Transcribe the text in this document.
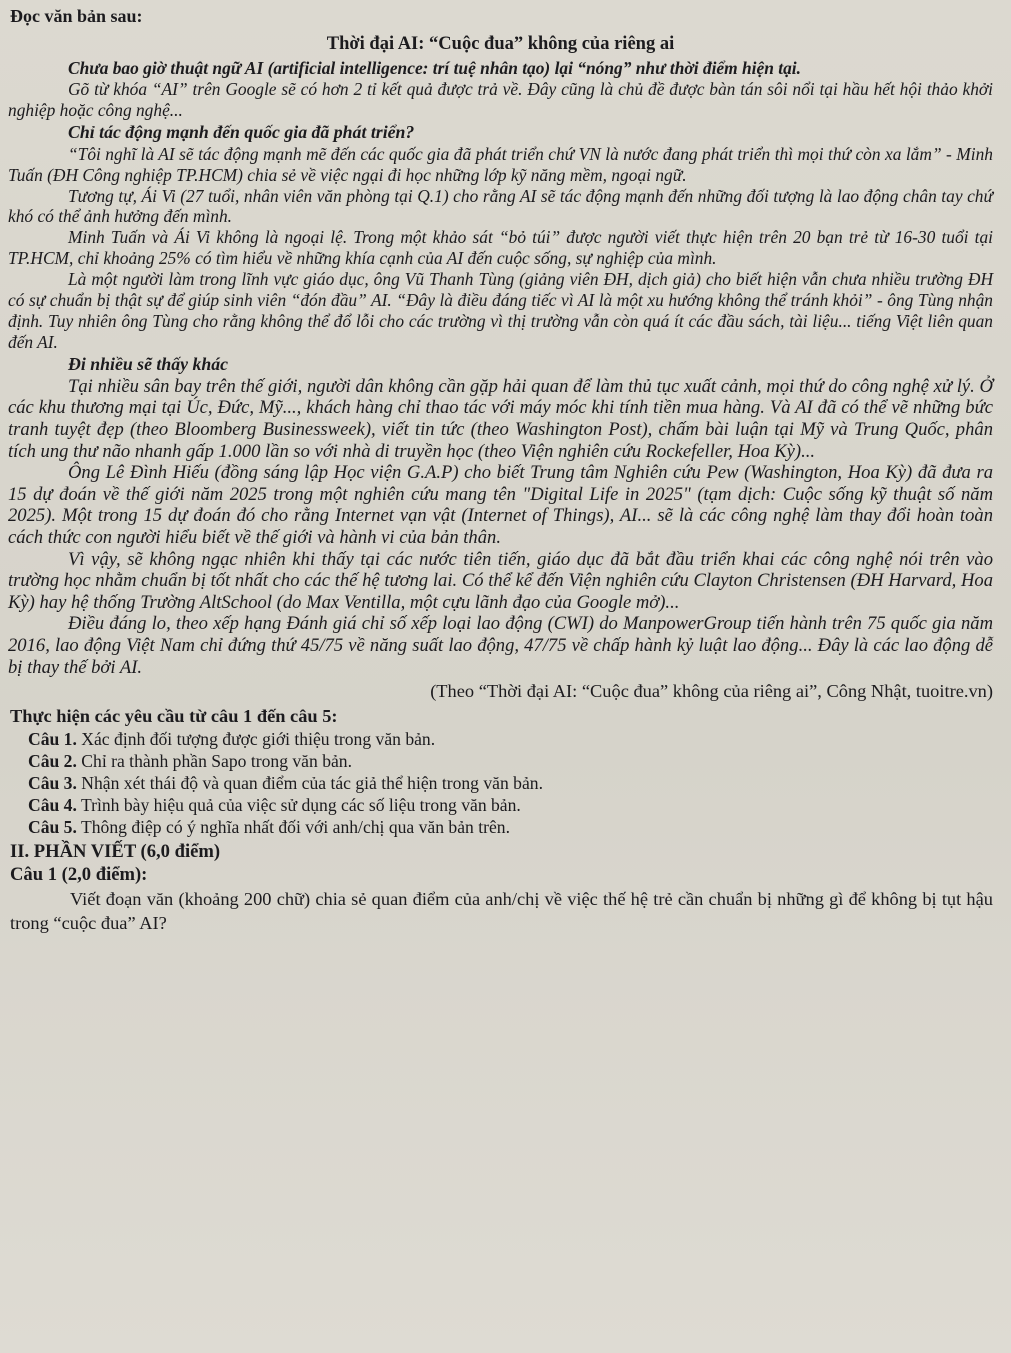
Đọc văn bản sau:
Thời đại AI: “Cuộc đua” không của riêng ai

Chưa bao giờ thuật ngữ AI (artificial intelligence: trí tuệ nhân tạo) lại “nóng” như thời điểm hiện tại.

Gõ từ khóa “AI” trên Google sẽ có hơn 2 tỉ kết quả được trả về. Đây cũng là chủ đề được bàn tán sôi nổi tại hầu hết hội thảo khởi nghiệp hoặc công nghệ...

Chỉ tác động mạnh đến quốc gia đã phát triển?

“Tôi nghĩ là AI sẽ tác động mạnh mẽ đến các quốc gia đã phát triển chứ VN là nước đang phát triển thì mọi thứ còn xa lắm” - Minh Tuấn (ĐH Công nghiệp TP.HCM) chia sẻ về việc ngại đi học những lớp kỹ năng mềm, ngoại ngữ.

Tương tự, Ái Vi (27 tuổi, nhân viên văn phòng tại Q.1) cho rằng AI sẽ tác động mạnh đến những đối tượng là lao động chân tay chứ khó có thể ảnh hưởng đến mình.

Minh Tuấn và Ái Vi không là ngoại lệ. Trong một khảo sát “bỏ túi” được người viết thực hiện trên 20 bạn trẻ từ 16-30 tuổi tại TP.HCM, chỉ khoảng 25% có tìm hiểu về những khía cạnh của AI đến cuộc sống, sự nghiệp của mình.

Là một người làm trong lĩnh vực giáo dục, ông Vũ Thanh Tùng (giảng viên ĐH, dịch giả) cho biết hiện vẫn chưa nhiều trường ĐH có sự chuẩn bị thật sự để giúp sinh viên “đón đầu” AI. “Đây là điều đáng tiếc vì AI là một xu hướng không thể tránh khỏi” - ông Tùng nhận định. Tuy nhiên ông Tùng cho rằng không thể đổ lỗi cho các trường vì thị trường vẫn còn quá ít các đầu sách, tài liệu... tiếng Việt liên quan đến AI.

Đi nhiều sẽ thấy khác

Tại nhiều sân bay trên thế giới, người dân không cần gặp hải quan để làm thủ tục xuất cảnh, mọi thứ do công nghệ xử lý. Ở các khu thương mại tại Úc, Đức, Mỹ..., khách hàng chỉ thao tác với máy móc khi tính tiền mua hàng. Và AI đã có thể vẽ những bức tranh tuyệt đẹp (theo Bloomberg Businessweek), viết tin tức (theo Washington Post), chấm bài luận tại Mỹ và Trung Quốc, phân tích ung thư não nhanh gấp 1.000 lần so với nhà di truyền học (theo Viện nghiên cứu Rockefeller, Hoa Kỳ)...

Ông Lê Đình Hiếu (đồng sáng lập Học viện G.A.P) cho biết Trung tâm Nghiên cứu Pew (Washington, Hoa Kỳ) đã đưa ra 15 dự đoán về thế giới năm 2025 trong một nghiên cứu mang tên "Digital Life in 2025" (tạm dịch: Cuộc sống kỹ thuật số năm 2025). Một trong 15 dự đoán đó cho rằng Internet vạn vật (Internet of Things), AI... sẽ là các công nghệ làm thay đổi hoàn toàn cách thức con người hiểu biết về thế giới và hành vi của bản thân.

Vì vậy, sẽ không ngạc nhiên khi thấy tại các nước tiên tiến, giáo dục đã bắt đầu triển khai các công nghệ nói trên vào trường học nhằm chuẩn bị tốt nhất cho các thế hệ tương lai. Có thể kể đến Viện nghiên cứu Clayton Christensen (ĐH Harvard, Hoa Kỳ) hay hệ thống Trường AltSchool (do Max Ventilla, một cựu lãnh đạo của Google mở)...

Điều đáng lo, theo xếp hạng Đánh giá chỉ số xếp loại lao động (CWI) do ManpowerGroup tiến hành trên 75 quốc gia năm 2016, lao động Việt Nam chỉ đứng thứ 45/75 về năng suất lao động, 47/75 về chấp hành kỷ luật lao động... Đây là các lao động dễ bị thay thế bởi AI.

(Theo “Thời đại AI: “Cuộc đua” không của riêng ai”, Công Nhật, tuoitre.vn)
Thực hiện các yêu cầu từ câu 1 đến câu 5:
Câu 1. Xác định đối tượng được giới thiệu trong văn bản.
Câu 2. Chỉ ra thành phần Sapo trong văn bản.
Câu 3. Nhận xét thái độ và quan điểm của tác giả thể hiện trong văn bản.
Câu 4. Trình bày hiệu quả của việc sử dụng các số liệu trong văn bản.
Câu 5. Thông điệp có ý nghĩa nhất đối với anh/chị qua văn bản trên.
II. PHẦN VIẾT (6,0 điểm)
Câu 1 (2,0 điểm):

Viết đoạn văn (khoảng 200 chữ) chia sẻ quan điểm của anh/chị về việc thế hệ trẻ cần chuẩn bị những gì để không bị tụt hậu trong “cuộc đua” AI?
